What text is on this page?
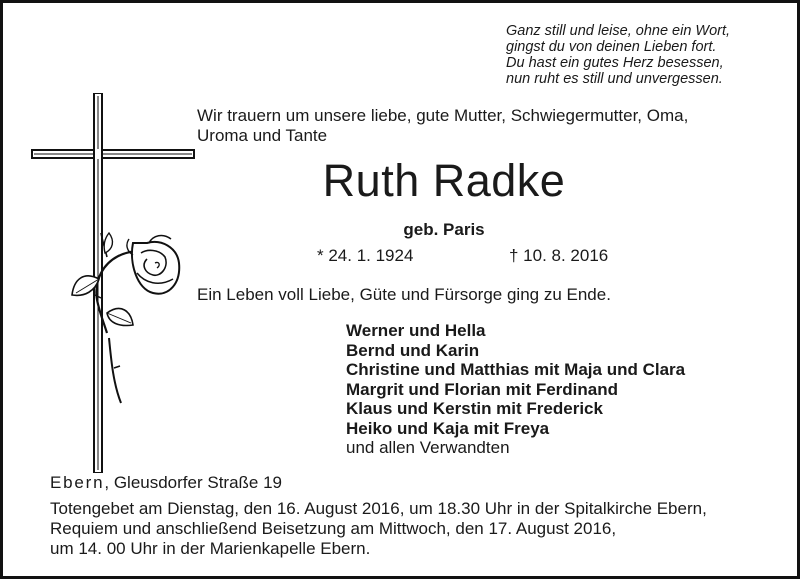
Ganz still und leise, ohne ein Wort,
gingst du von deinen Lieben fort.
Du hast ein gutes Herz besessen,
nun ruht es still und unvergessen.
Wir trauern um unsere liebe, gute Mutter, Schwiegermutter, Oma,
Uroma und Tante
Ruth Radke
geb. Paris
* 24. 1. 1924	† 10. 8. 2016
Ein Leben voll Liebe, Güte und Fürsorge ging zu Ende.
Werner und Hella
Bernd und Karin
Christine und Matthias mit Maja und Clara
Margrit und Florian mit Ferdinand
Klaus und Kerstin mit Frederick
Heiko und Kaja mit Freya
und allen Verwandten
Ebern, Gleusdorfer Straße 19
Totengebet am Dienstag, den 16. August 2016, um 18.30 Uhr in der Spitalkirche Ebern,
Requiem und anschließend Beisetzung am Mittwoch, den 17. August 2016,
um 14. 00 Uhr in der Marienkapelle Ebern.
